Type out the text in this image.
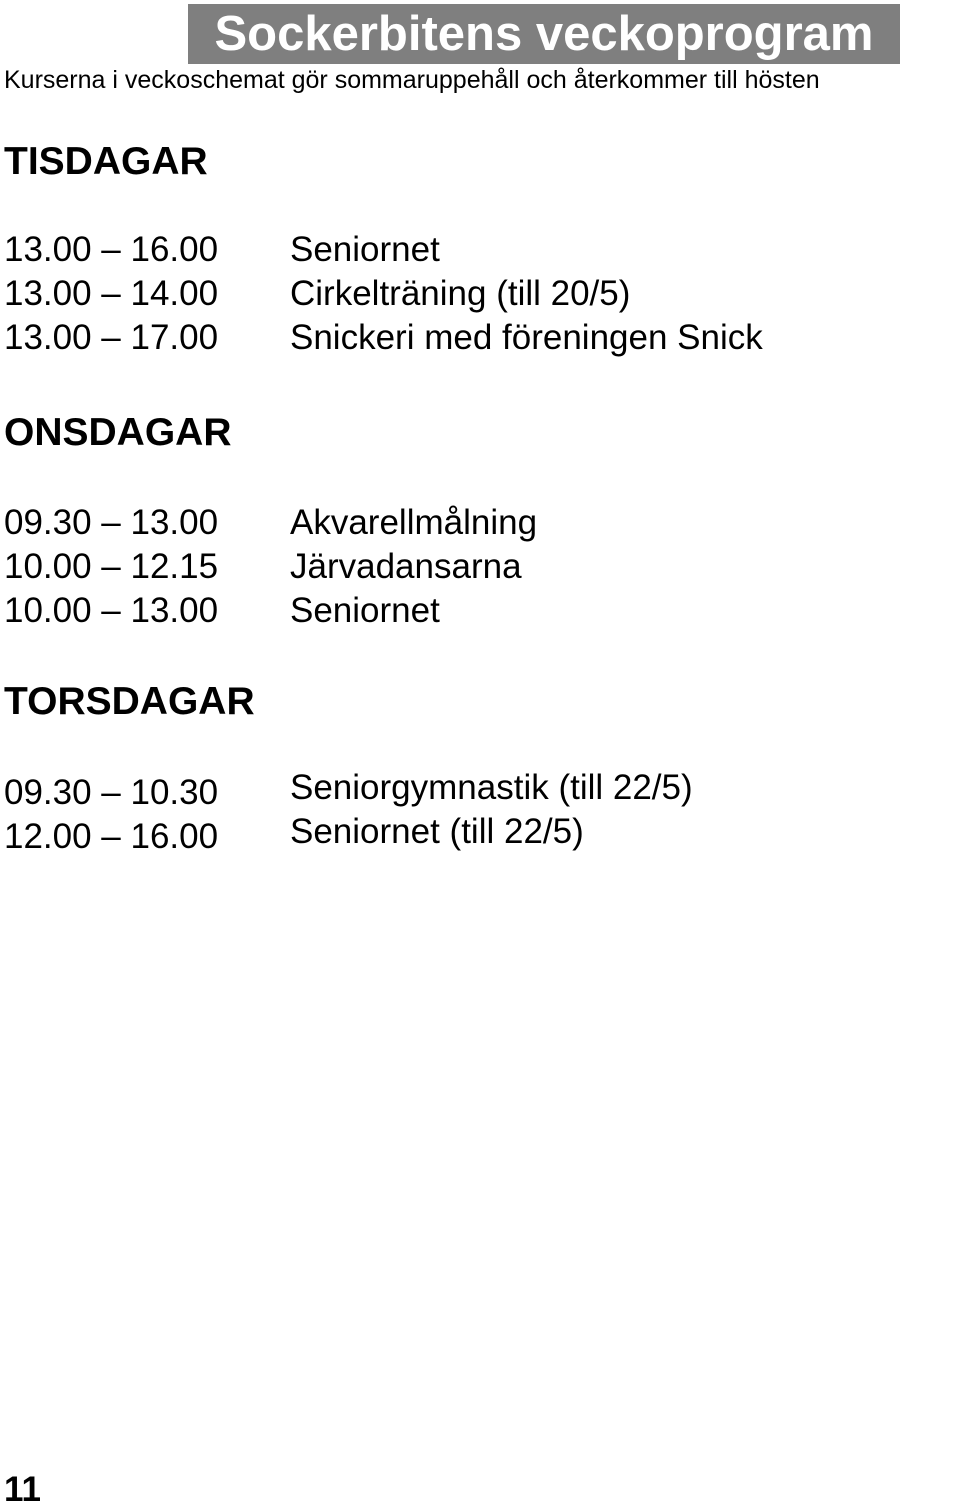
Sockerbitens veckoprogram
Kurserna i veckoschemat gör sommaruppehåll och återkommer till hösten
TISDAGAR
13.00 – 16.00 Seniornet
13.00 – 14.00 Cirkelträning (till 20/5)
13.00 – 17.00 Snickeri med föreningen Snick
ONSDAGAR
09.30 – 13.00 Akvarellmålning
10.00 – 12.15 Järvadansarna
10.00 – 13.00 Seniornet
TORSDAGAR
09.30 – 10.30 Seniorgymnastik (till 22/5)
12.00 – 16.00 Seniornet (till 22/5)
11
